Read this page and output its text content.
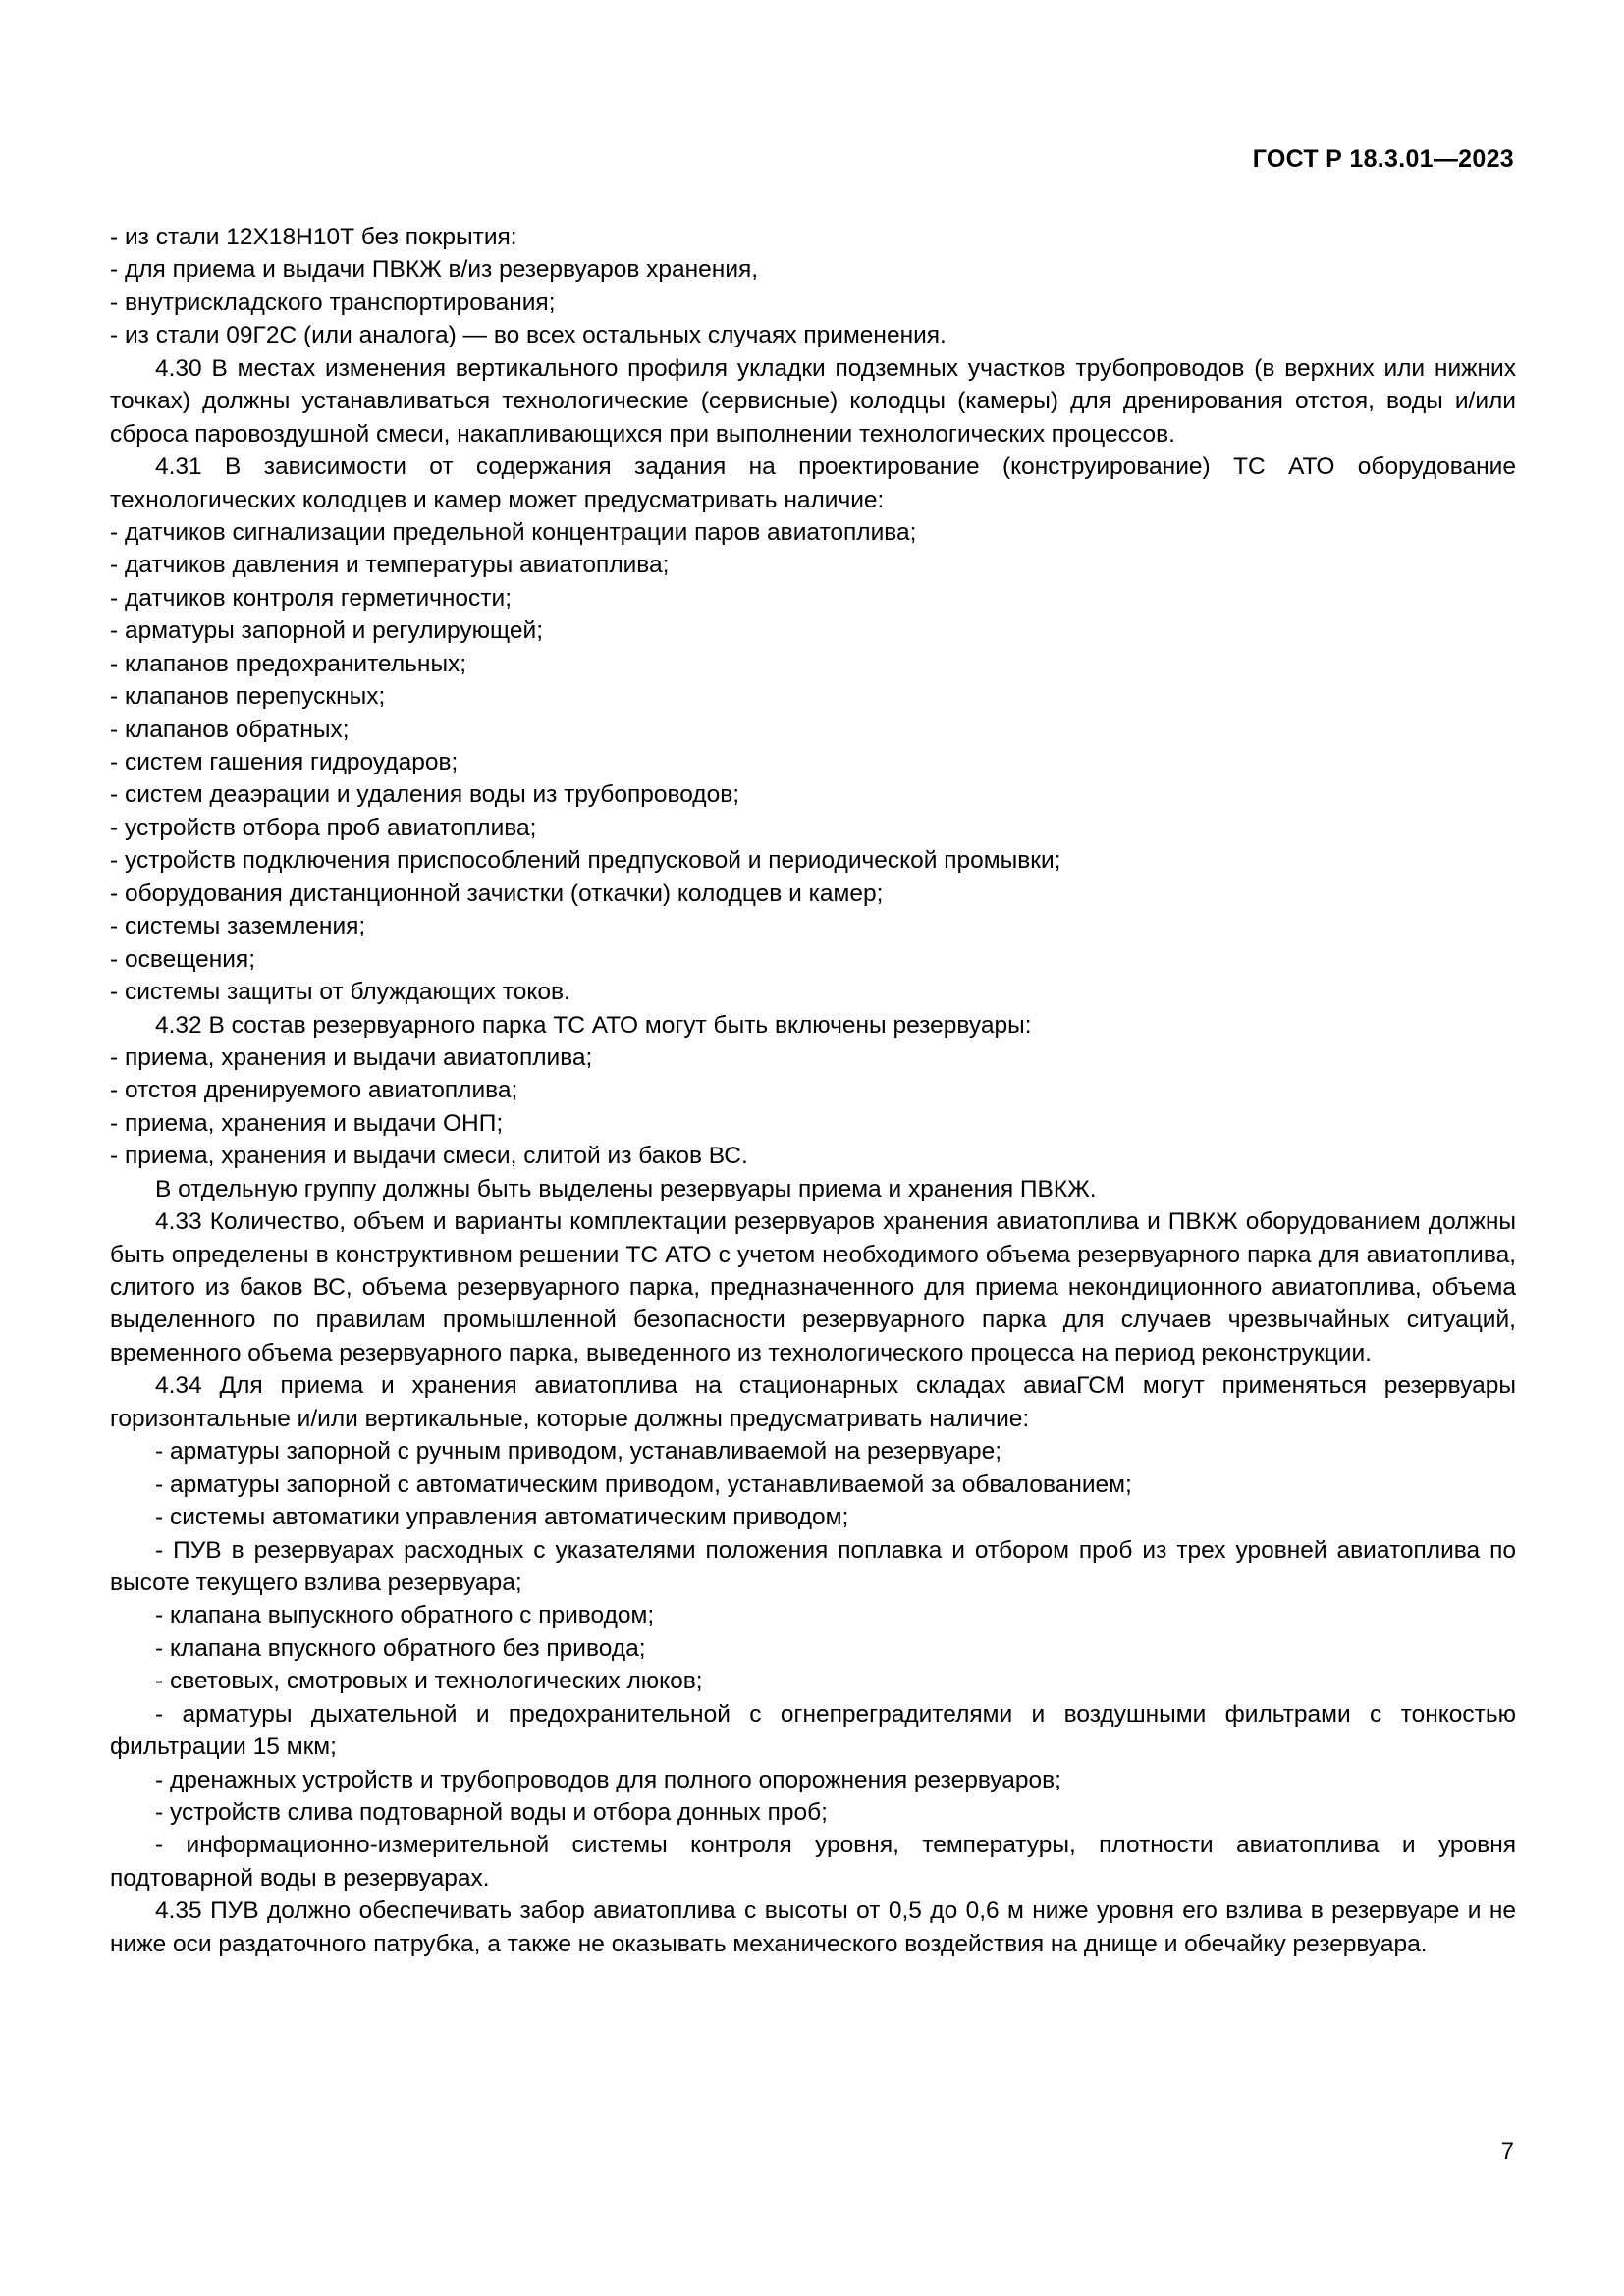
ГОСТ Р 18.3.01—2023

- из стали 12Х18Н10Т без покрытия:

- для приема и выдачи ПВКЖ в/из резервуаров хранения,

- внутрискладского транспортирования;

- из стали 09Г2С (или аналога) — во всех остальных случаях применения.

4.30 В местах изменения вертикального профиля укладки подземных участков трубопроводов (в верхних или нижних точках) должны устанавливаться технологические (сервисные) колодцы (камеры) для дренирования отстоя, воды и/или сброса паровоздушной смеси, накапливающихся при выполнении технологических процессов.

4.31 В зависимости от содержания задания на проектирование (конструирование) ТС АТО оборудование технологических колодцев и камер может предусматривать наличие:

- датчиков сигнализации предельной концентрации паров авиатоплива;

- датчиков давления и температуры авиатоплива;

- датчиков контроля герметичности;

- арматуры запорной и регулирующей;

- клапанов предохранительных;

- клапанов перепускных;

- клапанов обратных;

- систем гашения гидроударов;

- систем деаэрации и удаления воды из трубопроводов;

- устройств отбора проб авиатоплива;

- устройств подключения приспособлений предпусковой и периодической промывки;

- оборудования дистанционной зачистки (откачки) колодцев и камер;

- системы заземления;

- освещения;

- системы защиты от блуждающих токов.

4.32 В состав резервуарного парка ТС АТО могут быть включены резервуары:

- приема, хранения и выдачи авиатоплива;

- отстоя дренируемого авиатоплива;

- приема, хранения и выдачи ОНП;

- приема, хранения и выдачи смеси, слитой из баков ВС.

В отдельную группу должны быть выделены резервуары приема и хранения ПВКЖ.

4.33 Количество, объем и варианты комплектации резервуаров хранения авиатоплива и ПВКЖ оборудованием должны быть определены в конструктивном решении ТС АТО с учетом необходимого объема резервуарного парка для авиатоплива, слитого из баков ВС, объема резервуарного парка, предназначенного для приема некондиционного авиатоплива, объема выделенного по правилам промышленной безопасности резервуарного парка для случаев чрезвычайных ситуаций, временного объема резервуарного парка, выведенного из технологического процесса на период реконструкции.

4.34 Для приема и хранения авиатоплива на стационарных складах авиаГСМ могут применяться резервуары горизонтальные и/или вертикальные, которые должны предусматривать наличие:

- арматуры запорной с ручным приводом, устанавливаемой на резервуаре;

- арматуры запорной с автоматическим приводом, устанавливаемой за обвалованием;

- системы автоматики управления автоматическим приводом;

- ПУВ в резервуарах расходных с указателями положения поплавка и отбором проб из трех уровней авиатоплива по высоте текущего взлива резервуара;

- клапана выпускного обратного с приводом;

- клапана впускного обратного без привода;

- световых, смотровых и технологических люков;

- арматуры дыхательной и предохранительной с огнепреградителями и воздушными фильтрами с тонкостью фильтрации 15 мкм;

- дренажных устройств и трубопроводов для полного опорожнения резервуаров;

- устройств слива подтоварной воды и отбора донных проб;

- информационно-измерительной системы контроля уровня, температуры, плотности авиатоплива и уровня подтоварной воды в резервуарах.

4.35 ПУВ должно обеспечивать забор авиатоплива с высоты от 0,5 до 0,6 м ниже уровня его взлива в резервуаре и не ниже оси раздаточного патрубка, а также не оказывать механического воздействия на днище и обечайку резервуара.

7
